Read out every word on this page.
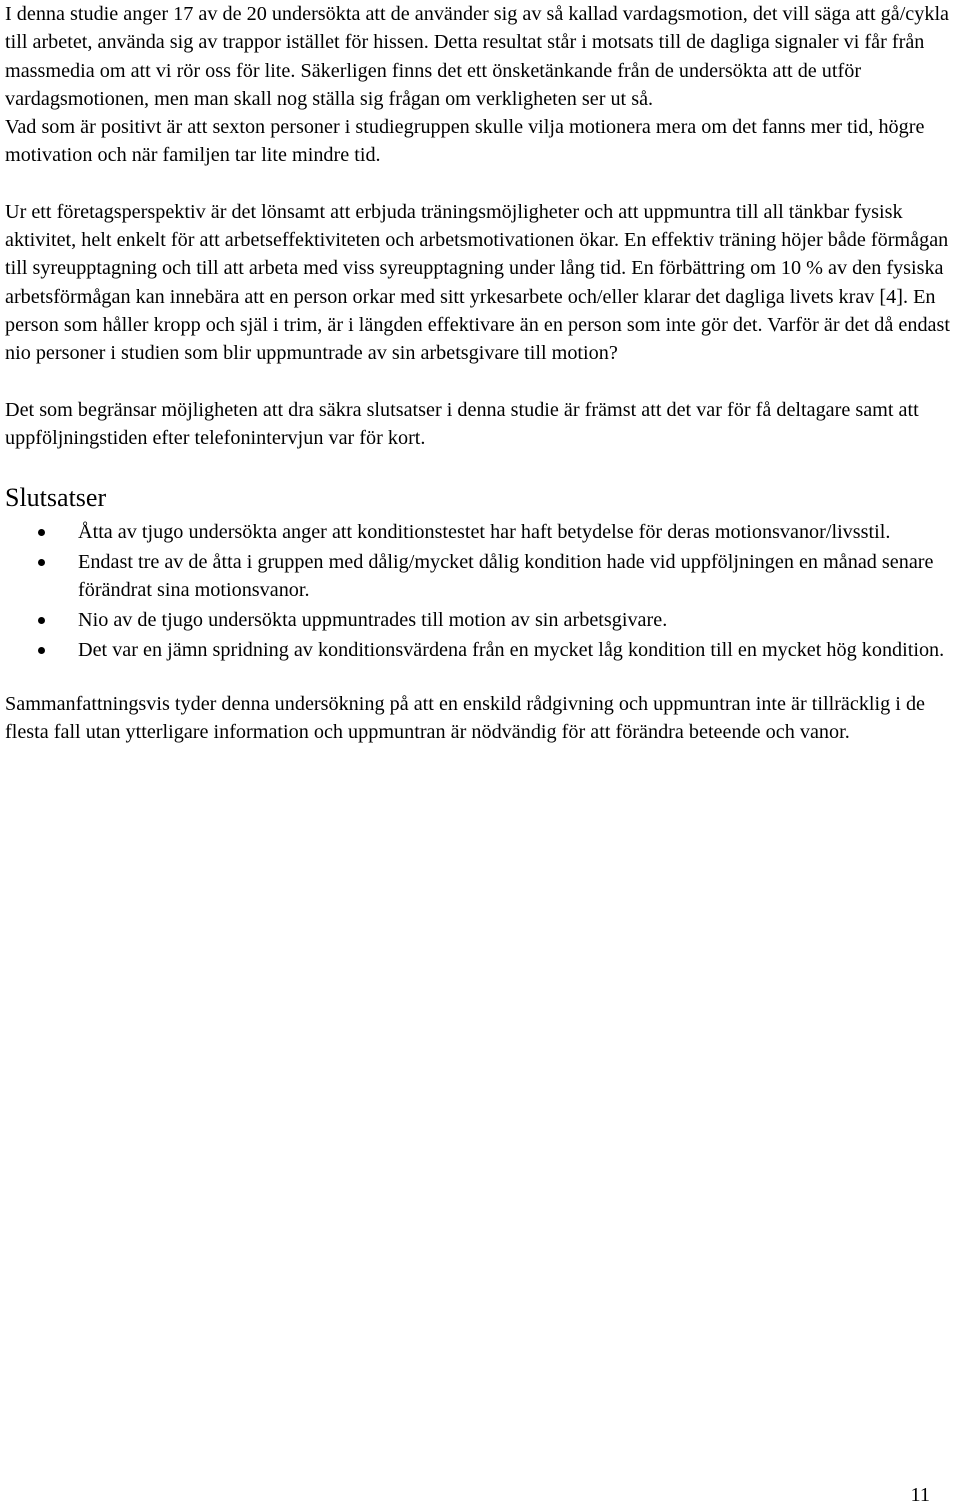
I denna studie anger 17 av de 20 undersökta att de använder sig av så kallad vardagsmotion, det vill säga att gå/cykla till arbetet, använda sig av trappor istället för hissen. Detta resultat står i motsats till de dagliga signaler vi får från massmedia om att vi rör oss för lite. Säkerligen finns det ett önsketänkande från de undersökta att de utför vardagsmotionen, men man skall nog ställa sig frågan om verkligheten ser ut så.

Vad som är positivt är att sexton personer i studiegruppen skulle vilja motionera mera om det fanns mer tid, högre motivation och när familjen tar lite mindre tid.

Ur ett företagsperspektiv är det lönsamt att erbjuda träningsmöjligheter och att uppmuntra till all tänkbar fysisk aktivitet, helt enkelt för att arbetseffektiviteten och arbetsmotivationen ökar. En effektiv träning höjer både förmågan till syreupptagning och till att arbeta med viss syreupptagning under lång tid. En förbättring om 10 % av den fysiska arbetsförmågan kan innebära att en person orkar med sitt yrkesarbete och/eller klarar det dagliga livets krav [4]. En person som håller kropp och själ i trim, är i längden effektivare än en person som inte gör det. Varför är det då endast nio personer i studien som blir uppmuntrade av sin arbetsgivare till motion?

Det som begränsar möjligheten att dra säkra slutsatser i denna studie är främst att det var för få deltagare samt att uppföljningstiden efter telefonintervjun var för kort.

Slutsatser
Åtta av tjugo undersökta anger att konditionstestet har haft betydelse för deras motionsvanor/livsstil.
Endast tre av de åtta i gruppen med dålig/mycket dålig kondition hade vid uppföljningen en månad senare förändrat sina motionsvanor.
Nio av de tjugo undersökta uppmuntrades till motion av sin arbetsgivare.
Det var en jämn spridning av konditionsvärdena från en mycket låg kondition till en mycket hög kondition.

Sammanfattningsvis tyder denna undersökning på att en enskild rådgivning och uppmuntran inte är tillräcklig i de flesta fall utan ytterligare information och uppmuntran är nödvändig för att förändra beteende och vanor.

11
